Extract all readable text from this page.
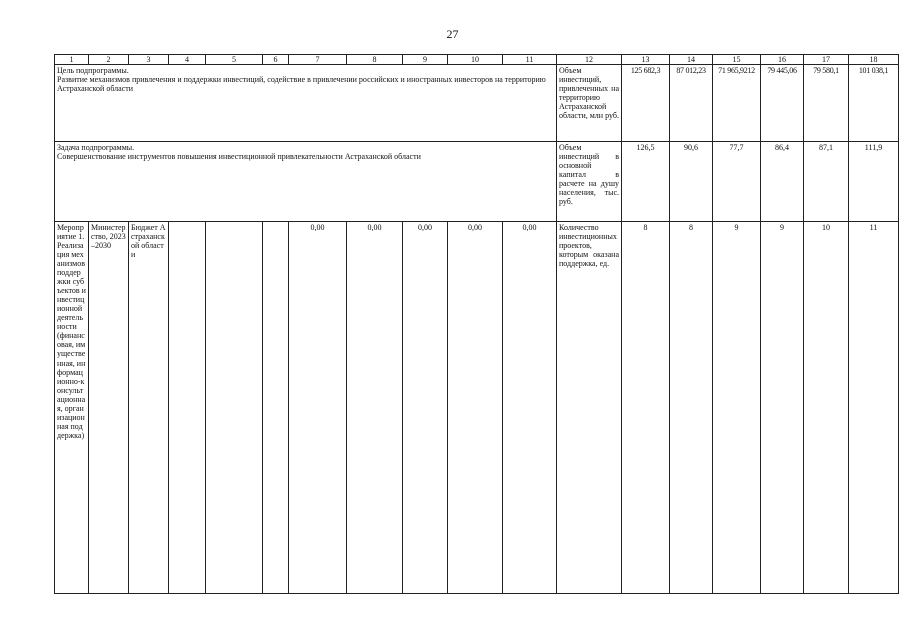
27
1	2	3	4	5	6	7	8	9	10	11	12	13	14	15	16	17	18
Цель подпрограммы.
Развитие механизмов привлечения и поддержки инвестиций, содействие в привлечении российских и иностранных инвесторов на территорию Астраханской области											Объем инвестиций, привлеченных на территорию Астраханской области, млн руб.	125 682,3	87 012,23	71 965,9212	79 445,06	79 580,1	101 038,1
Задача подпрограммы.
Совершенствование инструментов повышения инвестиционной привлекательности Астраханской области											Объем инвестиций в основной капитал в расчете на душу населения, тыс. руб.	126,5	90,6	77,7	86,4	87,1	111,9
Мероприятие 1. Реализация механизмов поддержки субъектов инвестиционной деятельности (финансовая, имущественная, информационно-консультационная, организационная поддержка)	Министерство, 2023–2030	Бюджет Астраханской области				0,00	0,00	0,00	0,00	0,00	Количество инвестиционных проектов, которым оказана поддержка, ед.	8	8	9	9	10	11
